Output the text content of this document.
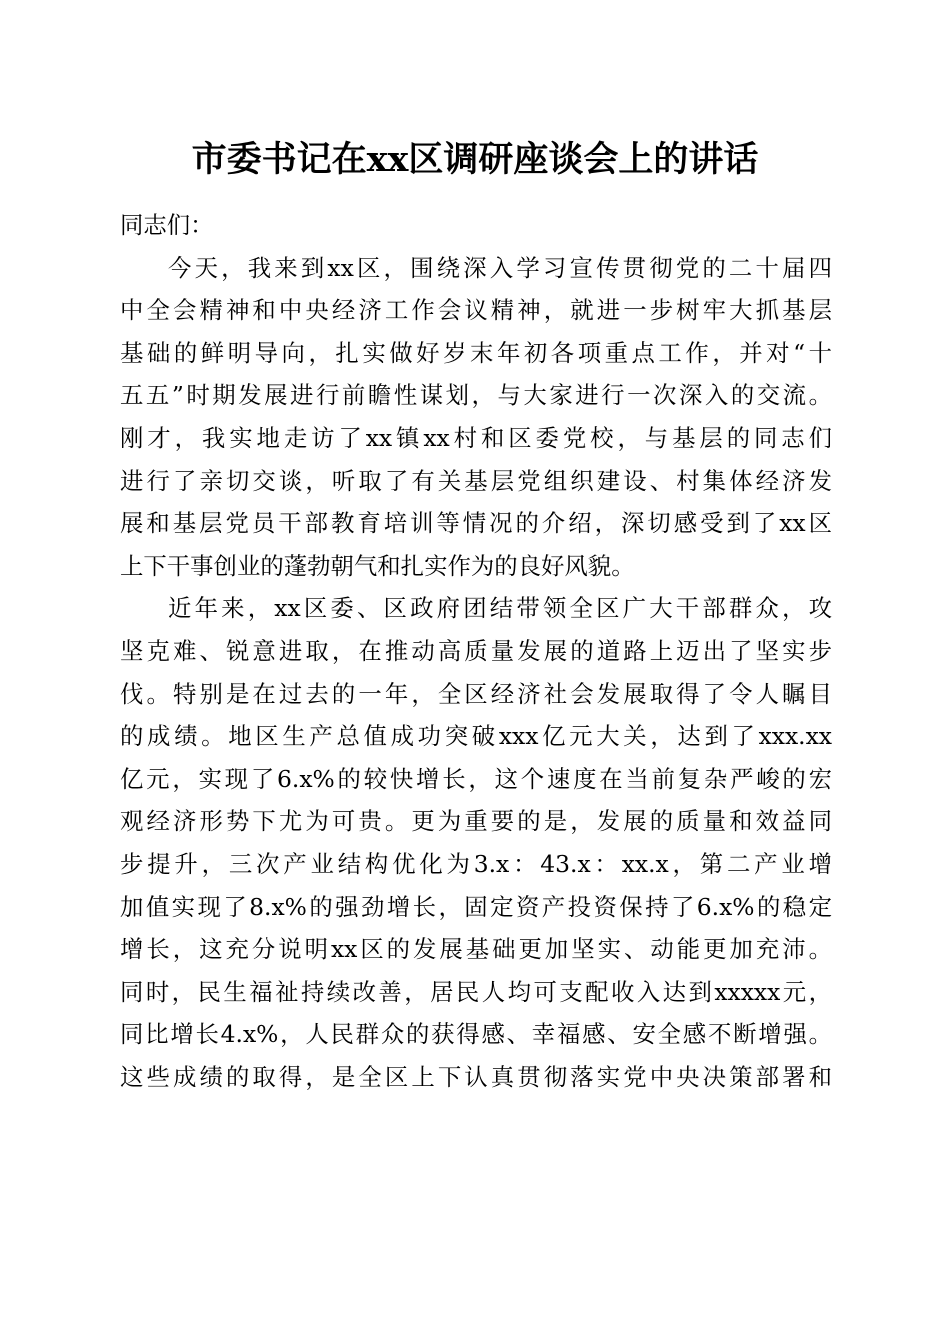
市委书记在xx区调研座谈会上的讲话
同志们：
今天，我来到xx区，围绕深入学习宣传贯彻党的二十届四
中全会精神和中央经济工作会议精神，就进一步树牢大抓基层
基础的鲜明导向，扎实做好岁末年初各项重点工作，并对“十
五五”时期发展进行前瞻性谋划，与大家进行一次深入的交流。
刚才，我实地走访了xx镇xx村和区委党校，与基层的同志们
进行了亲切交谈，听取了有关基层党组织建设、村集体经济发
展和基层党员干部教育培训等情况的介绍，深切感受到了xx区
上下干事创业的蓬勃朝气和扎实作为的良好风貌。
近年来，xx区委、区政府团结带领全区广大干部群众，攻
坚克难、锐意进取，在推动高质量发展的道路上迈出了坚实步
伐。特别是在过去的一年，全区经济社会发展取得了令人瞩目
的成绩。地区生产总值成功突破xxx亿元大关，达到了xxx.xx
亿元，实现了6.x%的较快增长，这个速度在当前复杂严峻的宏
观经济形势下尤为可贵。更为重要的是，发展的质量和效益同
步提升，三次产业结构优化为3.x：43.x：xx.x，第二产业增
加值实现了8.x%的强劲增长，固定资产投资保持了6.x%的稳定
增长，这充分说明xx区的发展基础更加坚实、动能更加充沛。
同时，民生福祉持续改善，居民人均可支配收入达到xxxxx元，
同比增长4.x%，人民群众的获得感、幸福感、安全感不断增强。
这些成绩的取得，是全区上下认真贯彻落实党中央决策部署和
